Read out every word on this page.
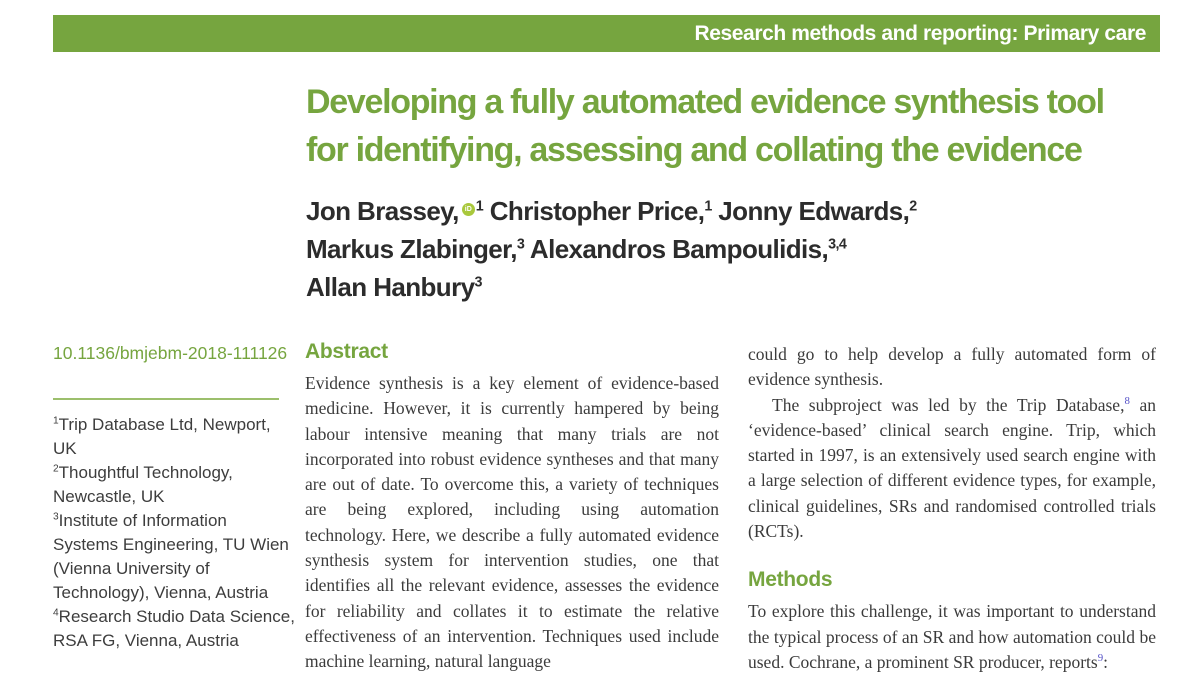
Research methods and reporting: Primary care
Developing a fully automated evidence synthesis tool
for identifying, assessing and collating the evidence
Jon Brassey, iD $^1$ Christopher Price,$^1$ Jonny Edwards,$^2$
Markus Zlabinger,$^3$ Alexandros Bampoulidis,$^{3,4}$
Allan Hanbury$^3$
10.1136/bmjebm-2018-111126
$^1$Trip Database Ltd, Newport, UK
$^2$Thoughtful Technology, Newcastle, UK
$^3$Institute of Information Systems Engineering, TU Wien (Vienna University of Technology), Vienna, Austria
$^4$Research Studio Data Science, RSA FG, Vienna, Austria
Abstract

Evidence synthesis is a key element of evidence-based medicine. However, it is currently hampered by being labour intensive meaning that many trials are not incorporated into robust evidence syntheses and that many are out of date. To overcome this, a variety of techniques are being explored, including using automation technology. Here, we describe a fully automated evidence synthesis system for intervention studies, one that identifies all the relevant evidence, assesses the evidence for reliability and collates it to estimate the relative effectiveness of an intervention. Techniques used include machine learning, natural language

could go to help develop a fully automated form of evidence synthesis.

The subproject was led by the Trip Database,$^8$ an ‘evidence-based’ clinical search engine. Trip, which started in 1997, is an extensively used search engine with a large selection of different evidence types, for example, clinical guidelines, SRs and randomised controlled trials (RCTs).

Methods

To explore this challenge, it was important to understand the typical process of an SR and how automation could be used. Cochrane, a prominent SR producer, reports$^9$:
